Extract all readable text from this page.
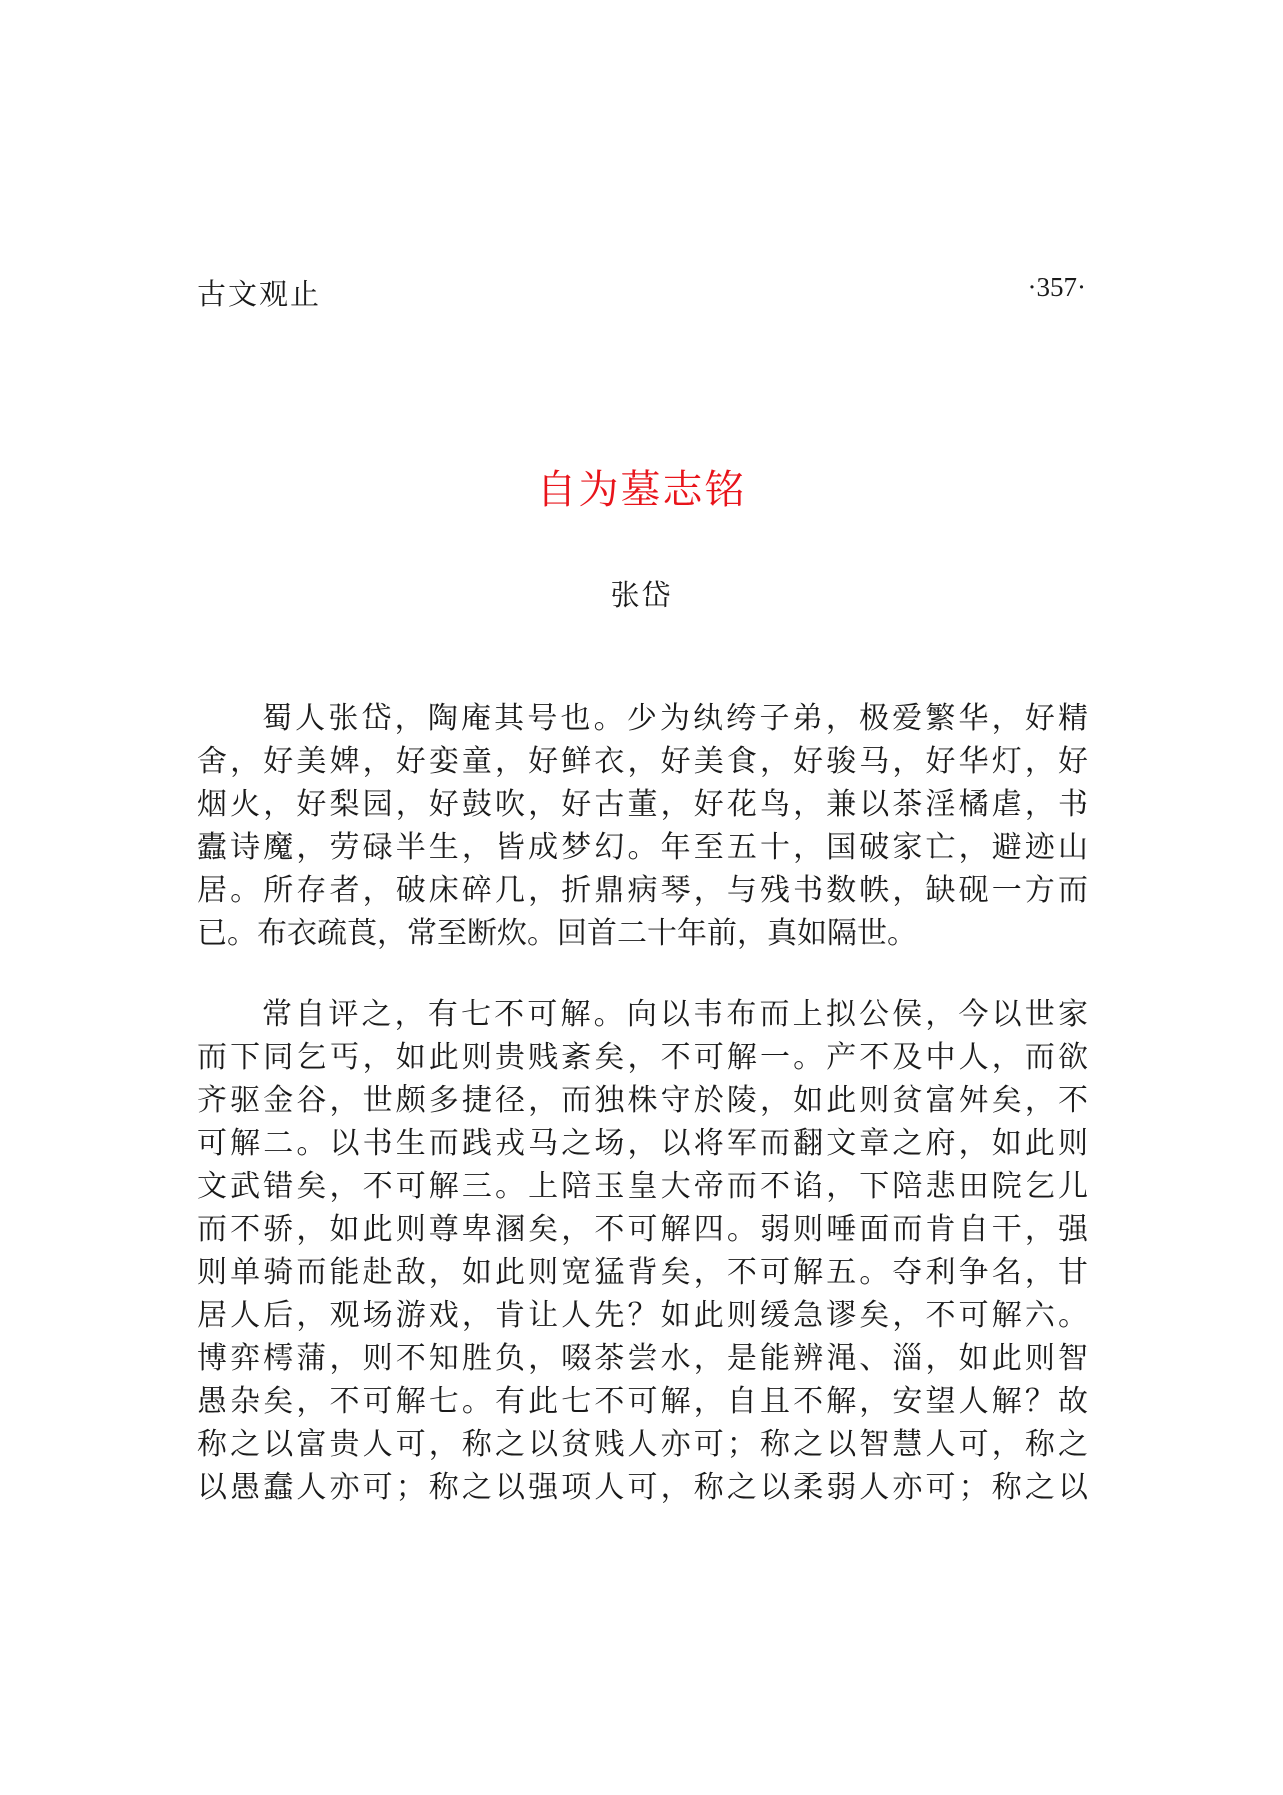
古文观止	·357·
自为墓志铭
张岱

蜀人张岱，陶庵其号也。少为纨绔子弟，极爱繁华，好精
舍，好美婢，好娈童，好鲜衣，好美食，好骏马，好华灯，好
烟火，好梨园，好鼓吹，好古董，好花鸟，兼以茶淫橘虐，书
蠹诗魔，劳碌半生，皆成梦幻。年至五十，国破家亡，避迹山
居。所存者，破床碎几，折鼎病琴，与残书数帙，缺砚一方而
已。布衣疏莨，常至断炊。回首二十年前，真如隔世。

常自评之，有七不可解。向以韦布而上拟公侯，今以世家
而下同乞丐，如此则贵贱紊矣，不可解一。产不及中人，而欲
齐驱金谷，世颇多捷径，而独株守於陵，如此则贫富舛矣，不
可解二。以书生而践戎马之场，以将军而翻文章之府，如此则
文武错矣，不可解三。上陪玉皇大帝而不谄，下陪悲田院乞儿
而不骄，如此则尊卑溷矣，不可解四。弱则唾面而肯自干，强
则单骑而能赴敌，如此则宽猛背矣，不可解五。夺利争名，甘
居人后，观场游戏，肯让人先？如此则缓急谬矣，不可解六。
博弈樗蒲，则不知胜负，啜茶尝水，是能辨渑、淄，如此则智
愚杂矣，不可解七。有此七不可解，自且不解，安望人解？故
称之以富贵人可，称之以贫贱人亦可；称之以智慧人可，称之
以愚蠢人亦可；称之以强项人可，称之以柔弱人亦可；称之以
